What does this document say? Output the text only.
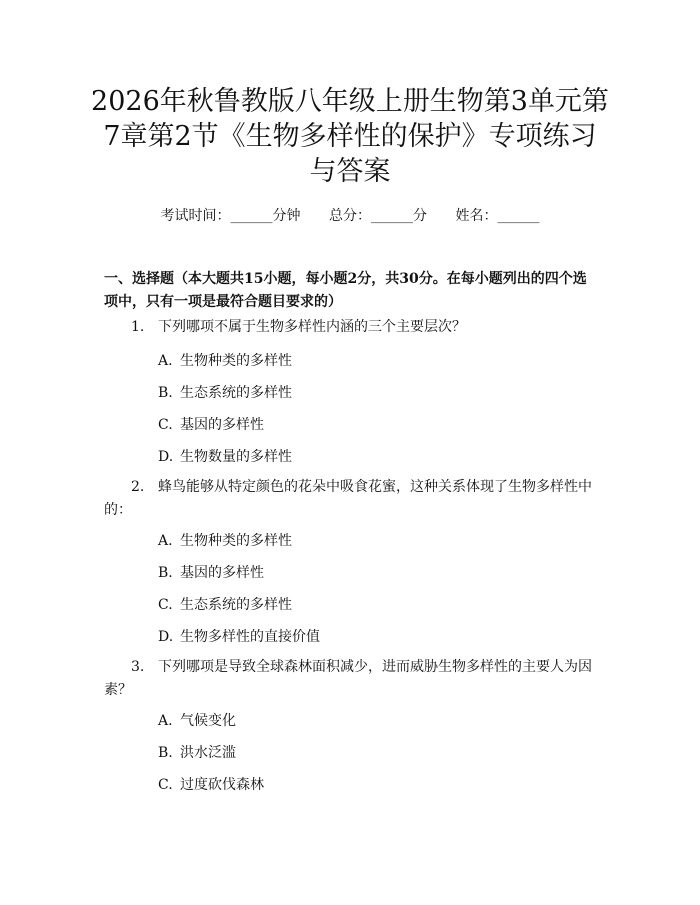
2026年秋鲁教版八年级上册生物第3单元第
7章第2节《生物多样性的保护》专项练习
与答案
考试时间：______分钟 总分：______分 姓名：______
一、选择题（本大题共15小题，每小题2分，共30分。在每小题列出的四个选
项中，只有一项是最符合题目要求的）
1. 下列哪项不属于生物多样性内涵的三个主要层次？
A. 生物种类的多样性
B. 生态系统的多样性
C. 基因的多样性
D. 生物数量的多样性
2. 蜂鸟能够从特定颜色的花朵中吸食花蜜，这种关系体现了生物多样性中
的：
A. 生物种类的多样性
B. 基因的多样性
C. 生态系统的多样性
D. 生物多样性的直接价值
3. 下列哪项是导致全球森林面积减少，进而威胁生物多样性的主要人为因
素？
A. 气候变化
B. 洪水泛滥
C. 过度砍伐森林
